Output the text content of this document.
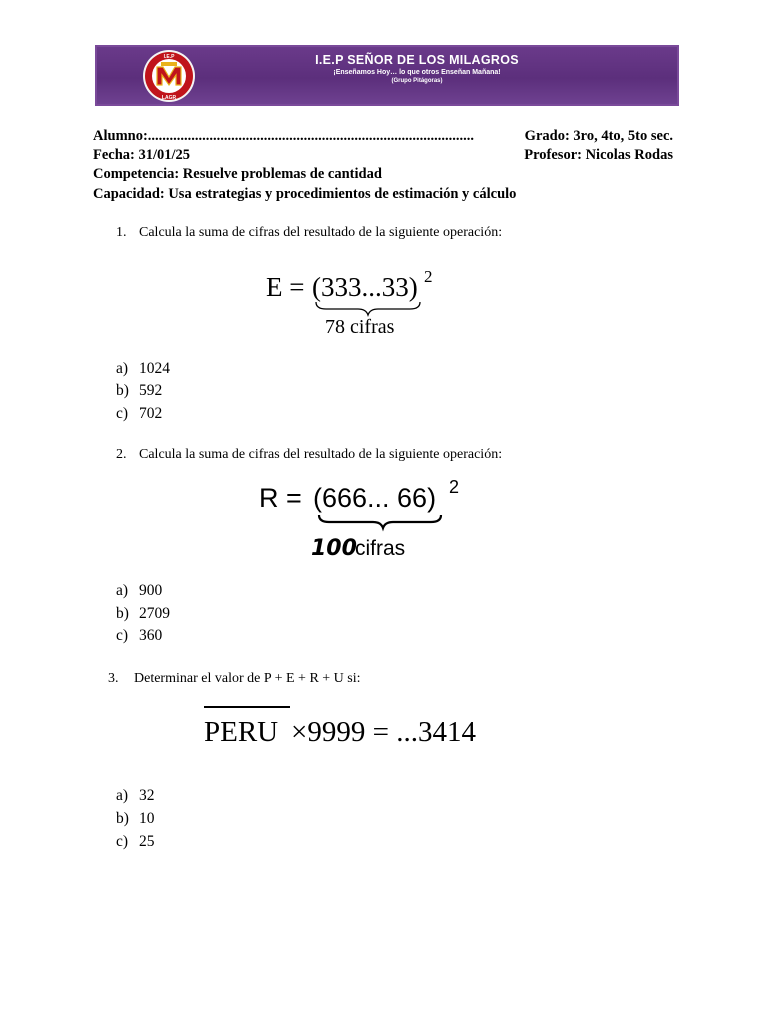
I.E.P
LAGR
I.E.P SEÑOR DE LOS MILAGROS
¡Enseñamos Hoy… lo que otros Enseñan Mañana!
(Grupo Pitágoras)
Alumno:..........................................................................................	Grado: 3ro, 4to, 5to sec.
Fecha: 31/01/25	Profesor: Nicolas Rodas
Competencia: Resuelve problemas de cantidad
Capacidad: Usa estrategias y procedimientos de estimación y cálculo
1. Calcula la suma de cifras del resultado de la siguiente operación:
E = (333...33) 2
78 cifras
a) 1024
b) 592
c) 702
2. Calcula la suma de cifras del resultado de la siguiente operación:
R = (666... 66) 2
100
cifras
a) 900
b) 2709
c) 360
3. Determinar el valor de P + E + R + U si:
PERU ×9999 = ...3414
a) 32
b) 10
c) 25
